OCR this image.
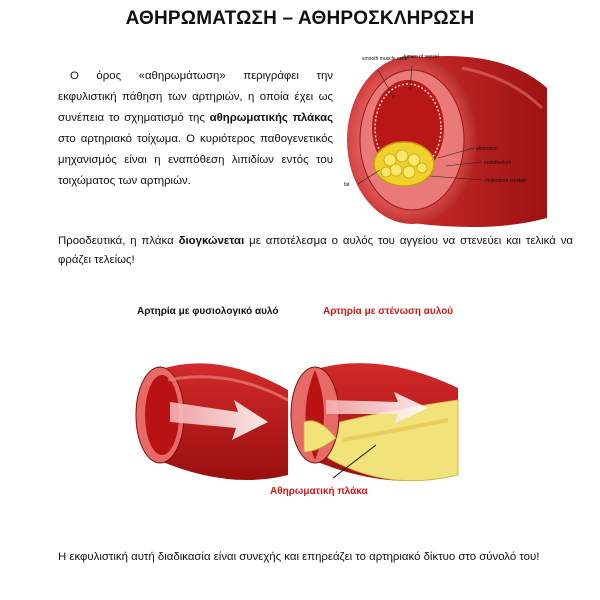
ΑΘΗΡΩΜΑΤΩΣΗ – ΑΘΗΡΟΣΚΛΗΡΩΣΗ
Ο όρος «αθηρωμάτωση» περιγράφει την εκφυλιστική πάθηση των αρτηριών, η οποία έχει ως συνέπεια το σχηματισμό της αθηρωματικής πλάκας στο αρτηριακό τοίχωμα. Ο κυριότερος παθογενετικός μηχανισμός είναι η εναπόθεση λιπιδίων εντός του τοιχώματος των αρτηριών.
smooth muscle cells
lumen of vessel
ulceration
endothelium
fat
cholesterol crystals
Προοδευτικά, η πλάκα διογκώνεται με αποτέλεσμα ο αυλός του αγγείου να στενεύει και τελικά να φράζει τελείως!
Αρτηρία με φυσιολογικό αυλό	Αρτηρία με στένωση αυλού
Αθηρωματική πλάκα
Η εκφυλιστική αυτή διαδικασία είναι συνεχής και επηρεάζει το αρτηριακό δίκτυο στο σύνολό του!
